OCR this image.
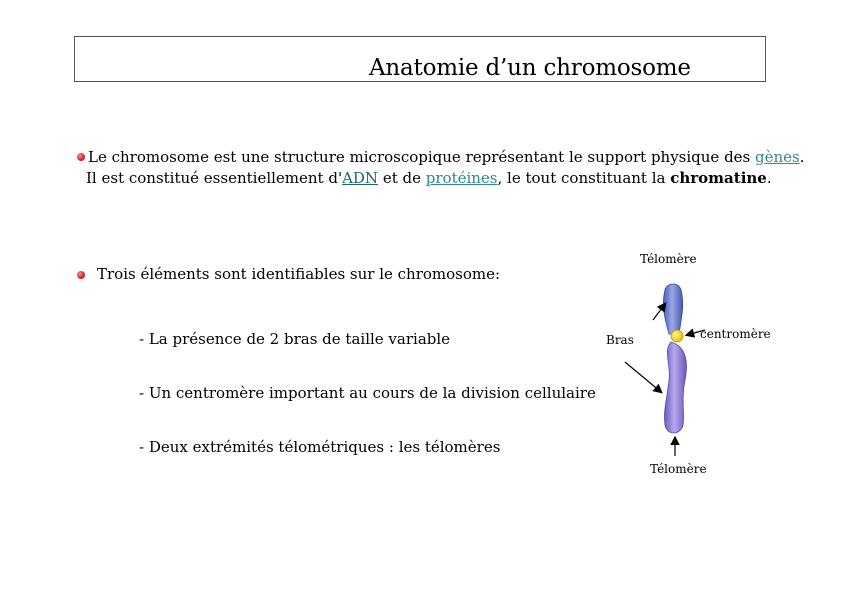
Anatomie d’un chromosome
Le chromosome est une structure microscopique représentant le support physique des gènes.
Il est constitué essentiellement d'ADN et de protéines, le tout constituant la chromatine.
Trois éléments sont identifiables sur le chromosome:
- La présence de 2 bras de taille variable
- Un centromère important au cours de la division cellulaire
- Deux extrémités télométriques : les télomères
Télomère
centromère
Bras
Télomère
